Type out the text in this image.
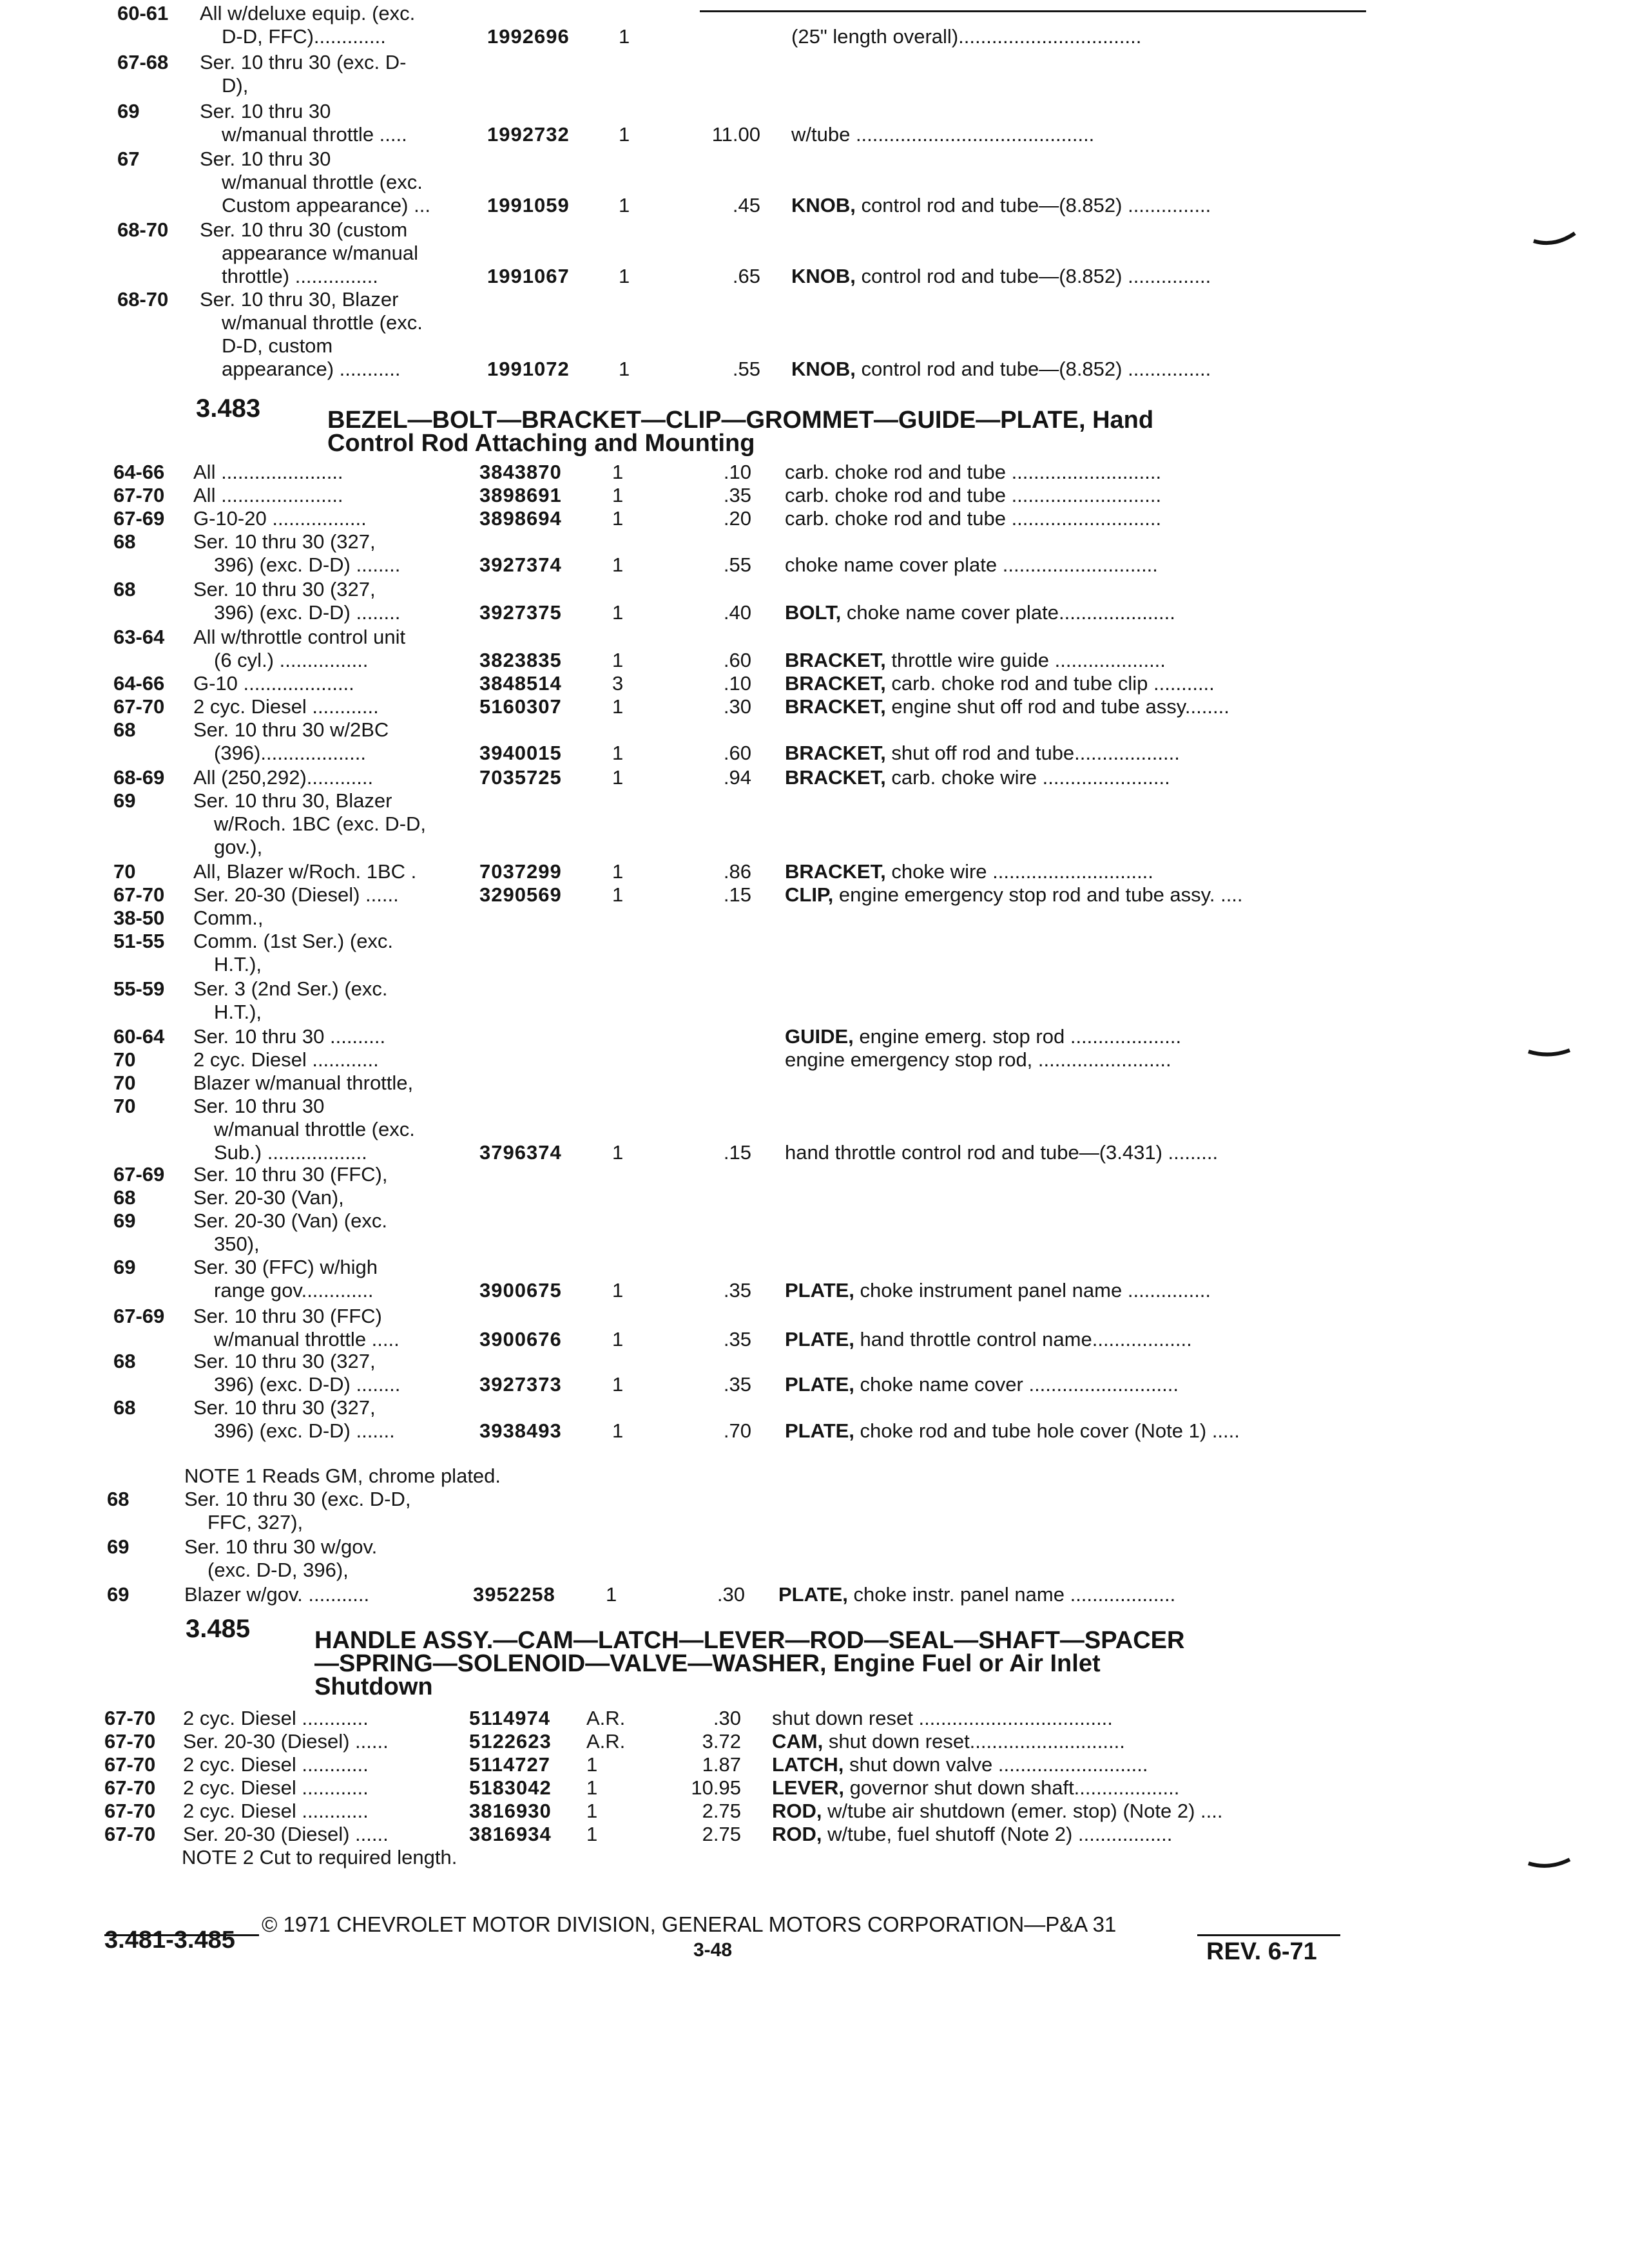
60-61 All w/deluxe equip. (exc.
D-D, FFC).............	1992696 1	(25" length overall).................................
67-68 Ser. 10 thru 30 (exc. D-
D),
69	Ser. 10 thru 30
w/manual throttle .....	1992732 1	11.00 w/tube ...........................................
67	Ser. 10 thru 30
w/manual throttle (exc.
Custom appearance) ...	1991059 1	.45 KNOB, control rod and tube—(8.852) ...............
68-70 Ser. 10 thru 30 (custom
appearance w/manual
throttle) ...............	1991067 1	.65 KNOB, control rod and tube—(8.852) ...............
68-70 Ser. 10 thru 30, Blazer
w/manual throttle (exc.
D-D, custom
appearance) ...........	1991072 1	.55 KNOB, control rod and tube—(8.852) ...............
3.483	BEZEL—BOLT—BRACKET—CLIP—GROMMET—GUIDE—PLATE, Hand
Control Rod Attaching and Mounting
64-66 All ......................	3843870	1	.10 carb. choke rod and tube ...........................
67-70 All ......................	3898691	1	.35 carb. choke rod and tube ...........................
67-69 G-10-20 .................	3898694	1	.20 carb. choke rod and tube ...........................
68	Ser. 10 thru 30 (327,
396) (exc. D-D) ........	3927374	1	.55 choke name cover plate ............................
68	Ser. 10 thru 30 (327,
396) (exc. D-D) ........	3927375	1	.40 BOLT, choke name cover plate.....................
63-64 All w/throttle control unit
(6 cyl.) ................	3823835	1	.60 BRACKET, throttle wire guide ....................
64-66 G-10 ....................	3848514	3	.10 BRACKET, carb. choke rod and tube clip ...........
67-70 2 cyc. Diesel ............	5160307	1	.30 BRACKET, engine shut off rod and tube assy........
68	Ser. 10 thru 30 w/2BC
(396)...................	3940015	1	.60 BRACKET, shut off rod and tube...................
68-69 All (250,292)............	7035725	1	.94 BRACKET, carb. choke wire .......................
69	Ser. 10 thru 30, Blazer
w/Roch. 1BC (exc. D-D,
gov.),
70	All, Blazer w/Roch. 1BC .	7037299	1	.86 BRACKET, choke wire .............................
67-70 Ser. 20-30 (Diesel) ......	3290569	1	.15 CLIP, engine emergency stop rod and tube assy. ....
38-50 Comm.,
51-55 Comm. (1st Ser.) (exc.
H.T.),
55-59 Ser. 3 (2nd Ser.) (exc.
H.T.),
60-64 Ser. 10 thru 30 ..........	GUIDE, engine emerg. stop rod ....................
70	2 cyc. Diesel ............	engine emergency stop rod, ........................
70	Blazer w/manual throttle,
70	Ser. 10 thru 30
w/manual throttle (exc.
Sub.) ..................	3796374	1	.15 hand throttle control rod and tube—(3.431) .........
67-69 Ser. 10 thru 30 (FFC),
68	Ser. 20-30 (Van),
69	Ser. 20-30 (Van) (exc.
350),
69	Ser. 30 (FFC) w/high
range gov.............	3900675	1	.35 PLATE, choke instrument panel name ...............
67-69 Ser. 10 thru 30 (FFC)
w/manual throttle .....	3900676	1	.35 PLATE, hand throttle control name..................
68	Ser. 10 thru 30 (327,
396) (exc. D-D) ........	3927373	1	.35 PLATE, choke name cover ...........................
68	Ser. 10 thru 30 (327,
396) (exc. D-D) .......	3938493	1	.70 PLATE, choke rod and tube hole cover (Note 1) .....
NOTE 1 Reads GM, chrome plated.
68	Ser. 10 thru 30 (exc. D-D,
FFC, 327),
69	Ser. 10 thru 30 w/gov.
(exc. D-D, 396),
69	Blazer w/gov. ...........	3952258	1	.30 PLATE, choke instr. panel name ...................
3.485	HANDLE ASSY.—CAM—LATCH—LEVER—ROD—SEAL—SHAFT—SPACER
—SPRING—SOLENOID—VALVE—WASHER, Engine Fuel or Air Inlet
Shutdown
67-70 2 cyc. Diesel ............	5114974 A.R.	.30 shut down reset ...................................
67-70 Ser. 20-30 (Diesel) ......	5122623 A.R.	3.72 CAM, shut down reset............................
67-70 2 cyc. Diesel ............	5114727 1	1.87 LATCH, shut down valve ...........................
67-70 2 cyc. Diesel ............	5183042 1	10.95 LEVER, governor shut down shaft...................
67-70 2 cyc. Diesel ............	3816930 1	2.75 ROD, w/tube air shutdown (emer. stop) (Note 2) ....
67-70 Ser. 20-30 (Diesel) ......	3816934 1	2.75 ROD, w/tube, fuel shutoff (Note 2) .................
NOTE 2 Cut to required length.
© 1971 CHEVROLET MOTOR DIVISION, GENERAL MOTORS CORPORATION—P&A 31
3.481-3.485	3-48	REV. 6-71
